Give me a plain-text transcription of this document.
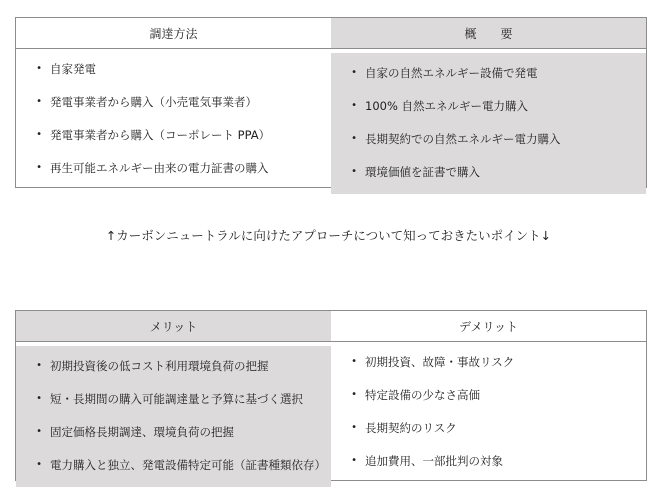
調達方法	概　　要
• 自家発電
• 発電事業者から購入（小売電気事業者）
• 発電事業者から購入（コーポレート PPA）
• 再生可能エネルギー由来の電力証書の購入
• 自家の自然エネルギー設備で発電
• 100% 自然エネルギー電力購入
• 長期契約での自然エネルギー電力購入
• 環境価値を証書で購入
↑カーボンニュートラルに向けたアプローチについて知っておきたいポイント↓
メリット	デメリット
• 初期投資後の低コスト利用環境負荷の把握
• 短・長期間の購入可能調達量と予算に基づく選択
• 固定価格長期調達、環境負荷の把握
• 電力購入と独立、発電設備特定可能（証書種類依存）
• 初期投資、故障・事故リスク
• 特定設備の少なさ高価
• 長期契約のリスク
• 追加費用、一部批判の対象
